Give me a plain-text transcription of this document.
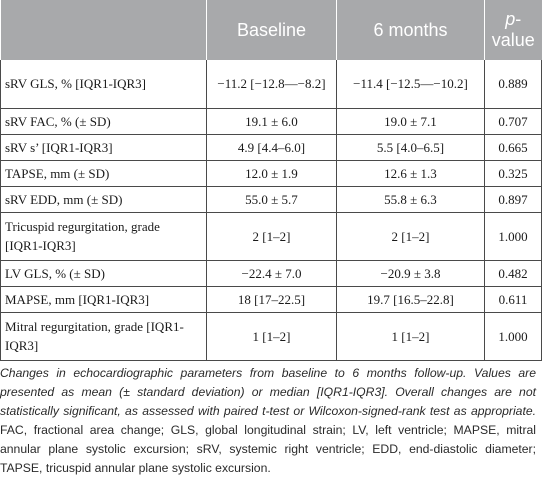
	Baseline	6 months	p-value
sRV GLS, % [IQR1-IQR3]	−11.2 [−12.8—−8.2]	−11.4 [−12.5—−10.2]	0.889
sRV FAC, % (± SD)	19.1 ± 6.0	19.0 ± 7.1	0.707
sRV s’ [IQR1-IQR3]	4.9 [4.4–6.0]	5.5 [4.0–6.5]	0.665
TAPSE, mm (± SD)	12.0 ± 1.9	12.6 ± 1.3	0.325
sRV EDD, mm (± SD)	55.0 ± 5.7	55.8 ± 6.3	0.897
Tricuspid regurgitation, grade [IQR1-IQR3]	2 [1–2]	2 [1–2]	1.000
LV GLS, % (± SD)	−22.4 ± 7.0	−20.9 ± 3.8	0.482
MAPSE, mm [IQR1-IQR3]	18 [17–22.5]	19.7 [16.5–22.8]	0.611
Mitral regurgitation, grade [IQR1-IQR3]	1 [1–2]	1 [1–2]	1.000
Changes in echocardiographic parameters from baseline to 6 months follow-up. Values are presented as mean (± standard deviation) or median [IQR1-IQR3]. Overall changes are not statistically significant, as assessed with paired t-test or Wilcoxon-signed-rank test as appropriate. FAC, fractional area change; GLS, global longitudinal strain; LV, left ventricle; MAPSE, mitral annular plane systolic excursion; sRV, systemic right ventricle; EDD, end-diastolic diameter; TAPSE, tricuspid annular plane systolic excursion.
